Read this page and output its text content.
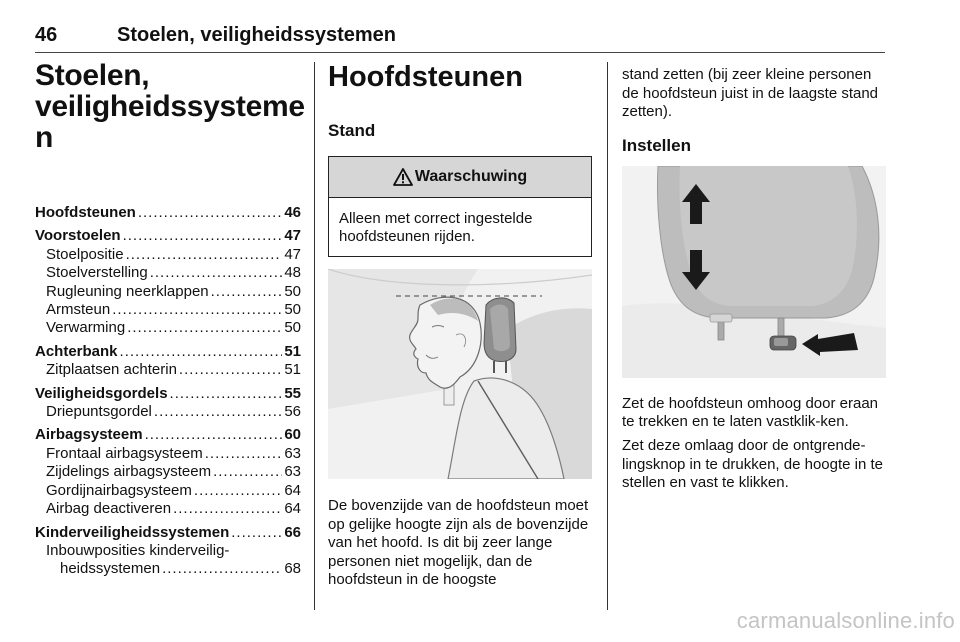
46	Stoelen, veiligheidssystemen
Stoelen,
veiligheidssysteme
n
Hoofdsteunen .....	46
Voorstoelen .....	47
Stoelpositie .....	47
Stoelverstelling .....	48
Rugleuning neerklappen .....	50
Armsteun .....	50
Verwarming .....	50
Achterbank .....	51
Zitplaatsen achterin .....	51
Veiligheidsgordels .....	55
Driepuntsgordel .....	56
Airbagsysteem .....	60
Frontaal airbagsysteem .....	63
Zijdelings airbagsysteem .....	63
Gordijnairbagsysteem .....	64
Airbag deactiveren .....	64
Kinderveiligheidssystemen .....	66
Inbouwposities kinderveilig-
heidssystemen .....	68
Hoofdsteunen
Stand
Waarschuwing
Alleen met correct ingestelde hoofdsteunen rijden.

De bovenzijde van de hoofdsteun moet op gelijke hoogte zijn als de bovenzijde van het hoofd. Is dit bij zeer lange personen niet mogelijk, dan de hoofdsteun in de hoogste

stand zetten (bij zeer kleine personen de hoofdsteun juist in de laagste stand zetten).

Instellen

Zet de hoofdsteun omhoog door eraan te trekken en te laten vastklik-ken.

Zet deze omlaag door de ontgrende-lingsknop in te drukken, de hoogte in te stellen en vast te klikken.

carmanualsonline.info
